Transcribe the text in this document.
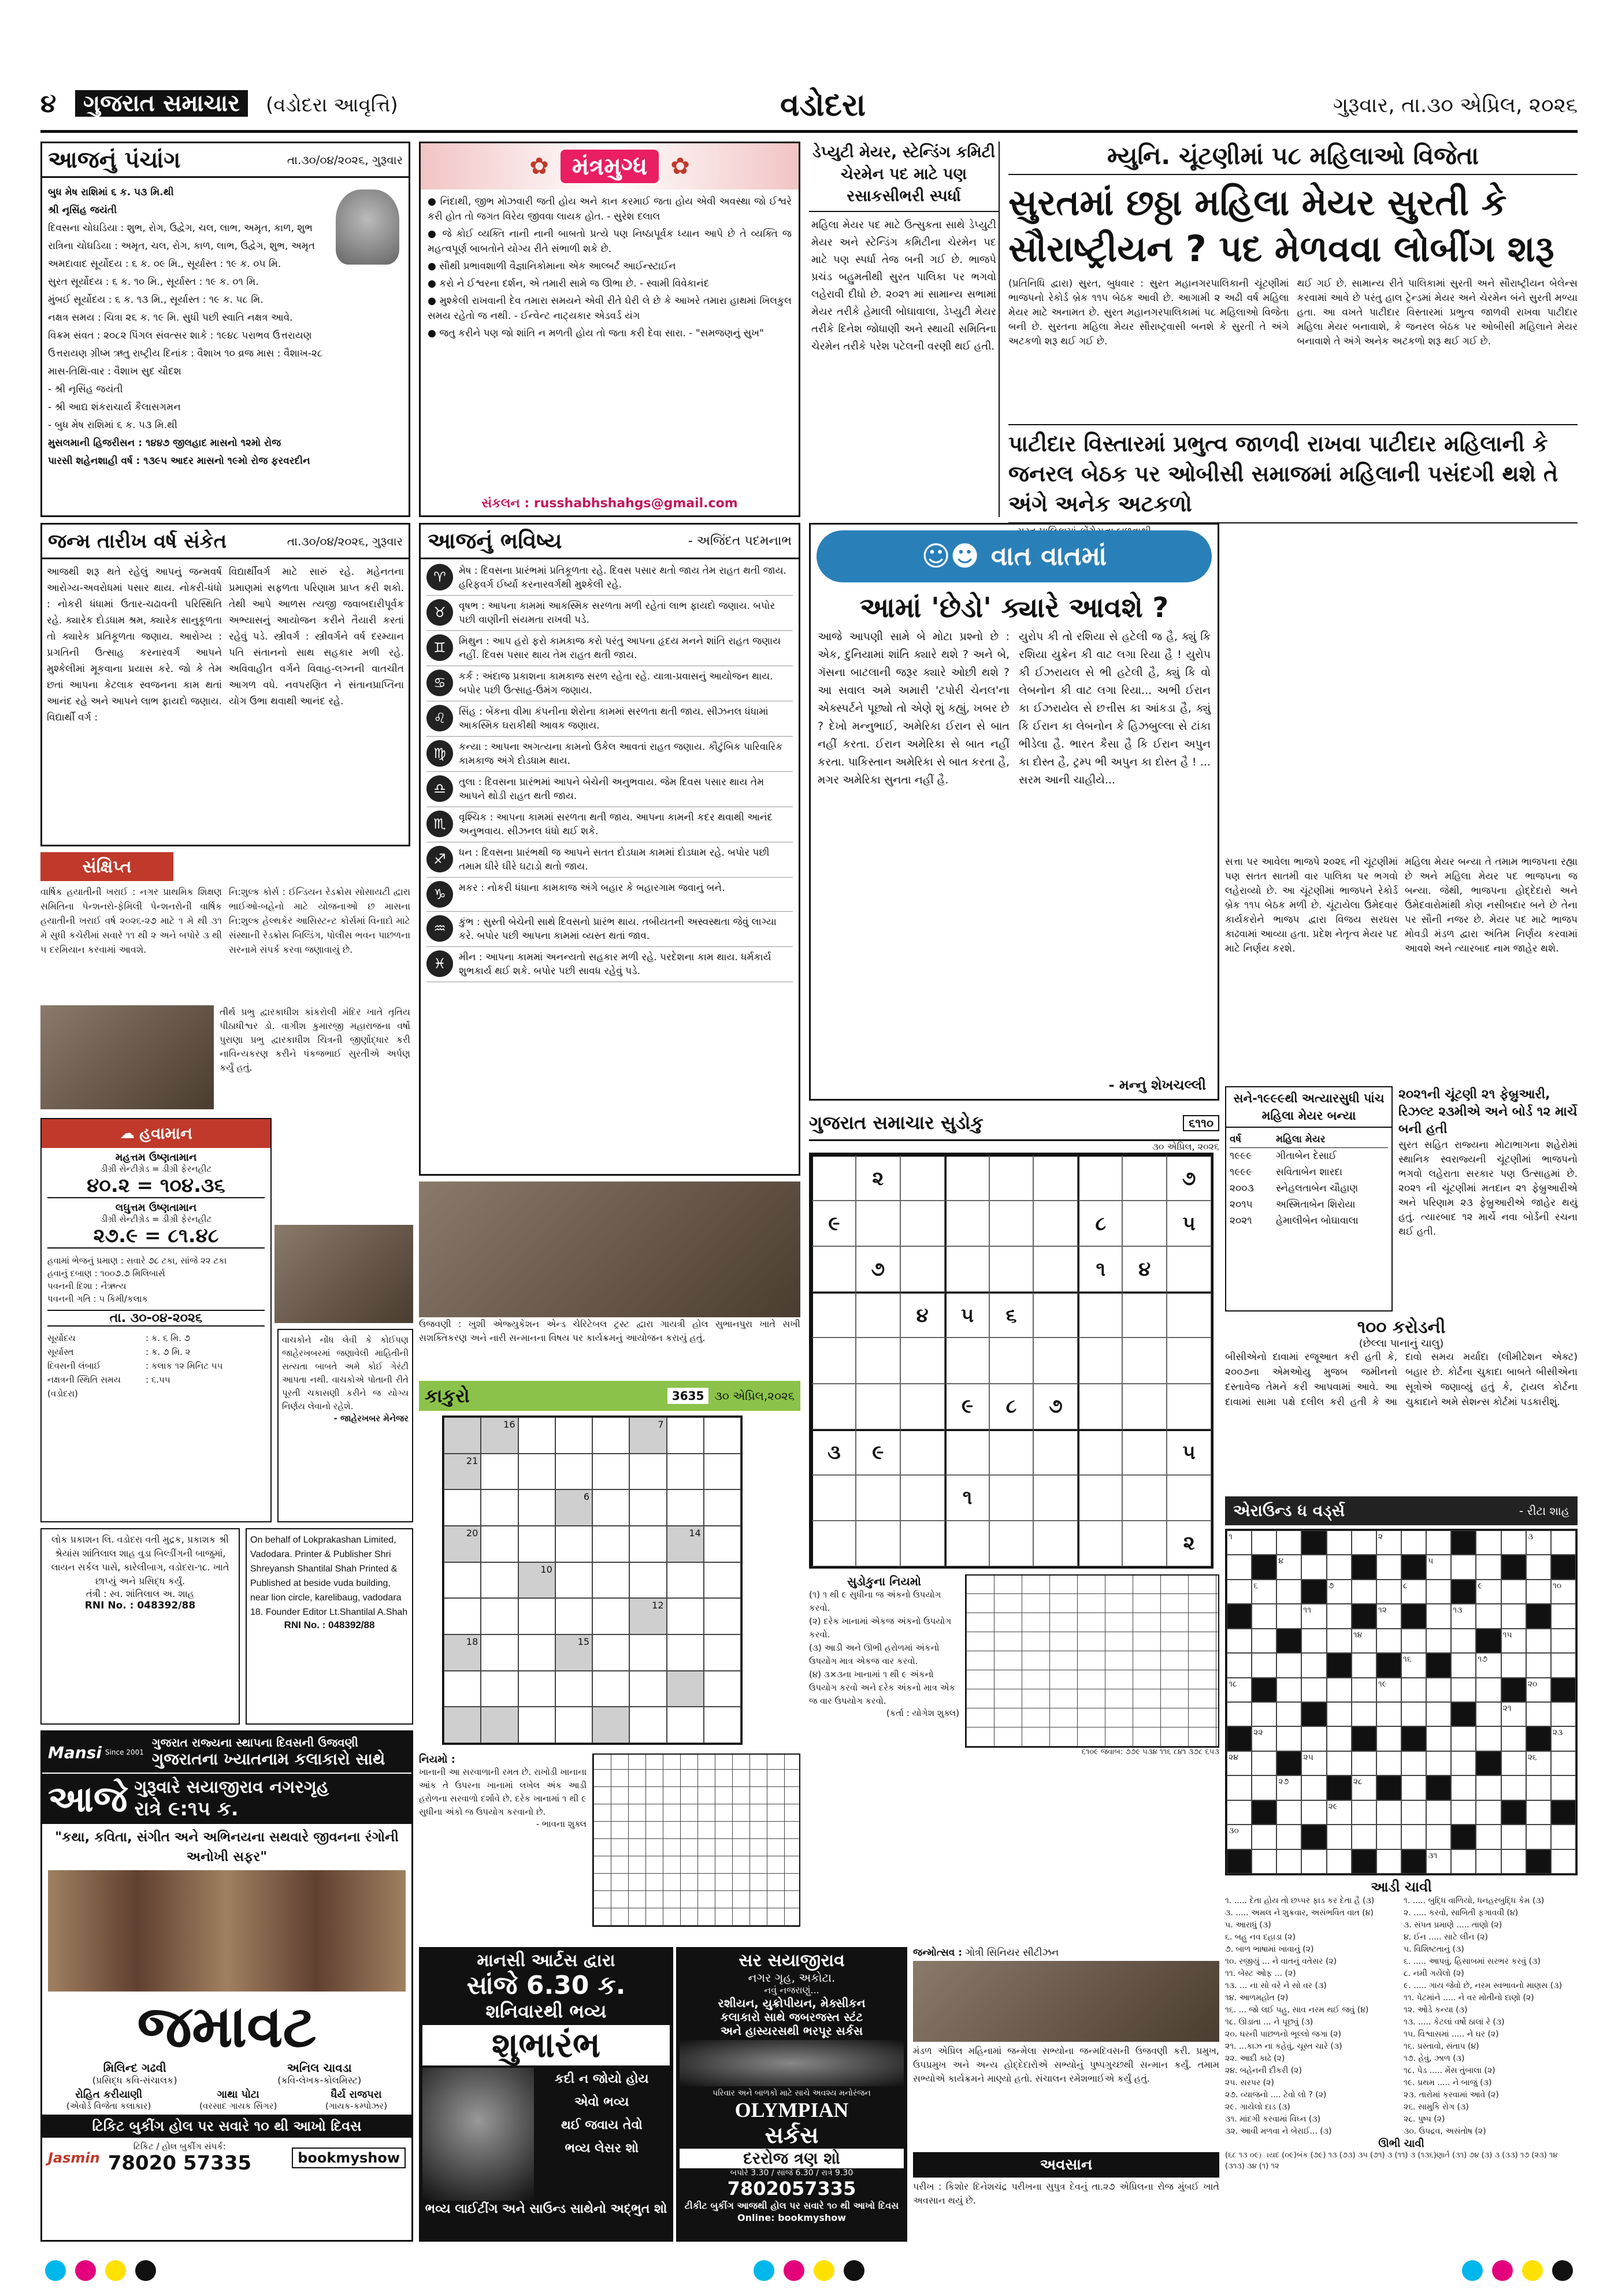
૪	ગુજરાત સમાચાર	(વડોદરા આવૃત્તિ)	વડોદરા	ગુરૂવાર, તા.૩૦ એપ્રિલ, ૨૦૨૬
આજનું પંચાંગ	તા.૩૦/૦૪/૨૦૨૬, ગુરૂવાર
બુધ મેષ રાશિમાં ૬ ક. ૫૩ મિ.થી
શ્રી નૃસિંહ જયંતી
દિવસના ચોઘડિયા : શુભ, રોગ, ઉદ્વેગ, ચલ, લાભ, અમૃત, કાળ, શુભ
રાત્રિના ચોઘડિયા : અમૃત, ચલ, રોગ, કાળ, લાભ, ઉદ્વેગ, શુભ, અમૃત
અમદાવાદ સૂર્યોદય : ૬ ક. ૦૯ મિ., સૂર્યાસ્ત : ૧૯ ક. ૦૫ મિ.
સુરત સૂર્યોદય : ૬ ક. ૧૦ મિ., સૂર્યાસ્ત : ૧૯ ક. ૦૧ મિ.
મુંબઈ સૂર્યોદય : ૬ ક. ૧૩ મિ., સૂર્યાસ્ત : ૧૯ ક. ૫૮ મિ.
નક્ષત્ર સમય : ચિત્રા ૨૬ ક. ૧૯ મિ. સુધી પછી સ્વાતિ નક્ષત્ર આવે.
વિક્રમ સંવત : ૨૦૮૨ પિંગલ સંવત્સર શાકે : ૧૯૪૮ પરાભવ ઉત્તરાયણ
ઉત્તરાયણ ગ્રીષ્મ ઋતુ રાષ્ટ્રીય દિનાંક : વૈશાખ ૧૦ વ્રજ માસ : વૈશાખ-૨૮
માસ-તિથિ-વાર : વૈશાખ સુદ ચૌદશ
- શ્રી નૃસિંહ જયંતી
- શ્રી આદ્ય શંકરાચાર્ય કૈલાસગમન
- બુધ મેષ રાશિમાં ૬ ક. ૫૩ મિ.થી
મુસલમાની હિજરીસન : ૧૪૪૭ જીલહાદ માસનો ૧૨મો રોજ
પારસી શહેનશાહી વર્ષ : ૧૩૯૫ આદર માસનો ૧૯મો રોજ ફરવરદીન
✿ મંત્રમુગ્ધ	✿

● નિંદાથી, જીભ મોઝવારી જતી હોય અને કાન કરમાઈ જતા હોય એવી અવસ્થા જો ઈશ્વરે કરી હોત તો જગત વિરેય જીવવા લાયક હોત. - સુરેશ દલાલ

● જે કોઈ વ્યક્તિ નાની નાની બાબતો પ્રત્યે પણ નિષ્ઠાપૂર્વક ધ્યાન આપે છે તે વ્યક્તિ જ મહત્વપૂર્ણ બાબતોને યોગ્ય રીતે સંભાળી શકે છે.

● સૌથી પ્રભાવશાળી વૈજ્ઞાનિકોમાના એક આલ્બર્ટ આઈન્સ્ટાઈન

● કરો ને ઈશ્વરના દર્શન, એ તમારી સામે જ ઊભા છે. - સ્વામી વિવેકાનંદ

● મુશ્કેલી રાખવાની દેવ તમારા સમયને એવી રીતે ઘેરી લે છે કે આખરે તમારા હાથમાં ખિલકુલ સમય રહેતો જ નથી. - ઈન્વેન્ટ નાટ્યકાર એડવર્ડ યંગ

● જતુ કરીને પણ જો શાંતિ ન મળતી હોય તો જતા કરી દેવા સારા. - "સમજણનું સુખ"

સંકલન : russhabhshahgs@gmail.com
ડેપ્યુટી મેયર, સ્ટેન્ડિંગ કમિટી ચેરમેન પદ માટે પણ રસાકસીભરી સ્પર્ધા
મહિલા મેયર પદ માટે ઉત્સુકતા સાથે ડેપ્યુટી મેયર અને સ્ટેન્ડિંગ કમિટીના ચેરમેન પદ માટે પણ સ્પર્ધા તેજ બની ગઈ છે. ભાજપે પ્રચંડ બહુમતીથી સુરત પાલિકા પર ભગવો લહેરાવી દીધો છે. ૨૦૨૧ માં સામાન્ય સભામાં મેયર તરીકે હેમાલી બોઘાવાલા, ડેપ્યુટી મેયર તરીકે દિનેશ જોધાણી અને સ્થાયી સમિતિના ચેરમેન તરીકે પરેશ પટેલની વરણી થઈ હતી.
મ્યુનિ. ચૂંટણીમાં ૫૮ મહિલાઓ વિજેતા
સુરતમાં છઠ્ઠા મહિલા મેયર સુરતી કે સૌરાષ્ટ્રીયન ? પદ મેળવવા લોબીંગ શરૂ
(પ્રતિનિધિ દ્વારા) સુરત, બુધવાર : સુરત મહાનગરપાલિકાની ચૂંટણીમાં ભાજપનો રેકોર્ડ બ્રેક ૧૧૫ બેઠક આવી છે. આગામી ૨ અઢી વર્ષ મહિલા મેયર માટે અનામત છે. સુરત મહાનગરપાલિકામાં ૫૮ મહિલાઓ વિજેતા બની છે. સુરતના મહિલા મેયર સૌરાષ્ટ્રવાસી બનશે કે સુરતી તે અંગે અટકળો શરૂ થઈ ગઈ છે.
થઈ ગઈ છે. સામાન્ય રીતે પાલિકામાં સુરતી અને સૌરાષ્ટ્રીયન બેલેન્સ કરવામાં આવે છે પરંતુ હાલ ટ્રેન્ડમાં મેયર અને ચેરમેન બંને સુરતી મળ્યા હતા. આ વખતે પાટીદાર વિસ્તારમાં પ્રભુત્વ જાળવી રાખવા પાટીદાર મહિલા મેયર બનાવાશે, કે જનરલ બેઠક પર ઓબીસી મહિલાને મેયર બનાવાશે તે અંગે અનેક અટકળો શરૂ થઈ ગઈ છે.
પાટીદાર વિસ્તારમાં પ્રભુત્વ જાળવી રાખવા પાટીદાર મહિલાની કે જનરલ બેઠક પર ઓબીસી સમાજમાં મહિલાની પસંદગી થશે તે અંગે અનેક અટકળો
☺☻ વાત વાતમાં
આમાં 'છેડો' ક્યારે આવશે ?
આજે આપણી સામે બે મોટા પ્રશ્નો છે : એક, દુનિયામાં શાંતિ ક્યારે થશે ? અને બે, ગૅસના બાટલાની જરૂર ક્યારે ઓછી થશે ? આ સવાલ અમે અમારી 'ટપોરી ચેનલ'ના એક્સ્પર્ટને પૂછ્યો તો એણે શું કહ્યું, ખબર છે ? દેખો મન્નુભાઈ, અમેરિકા ઈરાન સે બાત નહીં કરતા. ઈરાન અમેરિકા સે બાત નહીં કરતા. પાકિસ્તાન અમેરિકા સે બાત કરતા હૈ, મગર અમેરિકા સુનતા નહીં હૈ.
યુરોપ કી તો રશિયા સે હટેલી જ હૈ, ક્યું કિ રશિયા યુક્રેન કી વાટ લગા રિયા હૈ ! યુરોપ કી ઈઝરાયલ સે ભી હટેલી હૈ, ક્યું કિ વો લેબનોન કી વાટ લગા રિયા... અભી ઈરાન કા ઈઝરાયેલ સે છત્તીસ કા આંકડા હૈ, ક્યું કિ ઈરાન કા લેબનોન કે હિઝબુલ્લા સે ટાંકા ભીડેલા હૈ. ભારત કૈસા હૈ કિ ઈરાન અપુન કા દોસ્ત હૈ, ટ્રમ્પ ભી અપુન કા દોસ્ત હૈ ! ... સરમ આની ચાહીયે...
- મન્નુ શેખચલ્લી
સત્તા પર આવેલા ભાજપે ૨૦૨૬ ની ચૂંટણીમાં પણ સતત સાતમી વાર પાલિકા પર ભગવો લહેરાવ્યો છે. આ ચૂંટણીમાં ભાજપને રેકોર્ડ બ્રેક ૧૧૫ બેઠક મળી છે. ચૂંટાયેલા ઉમેદવાર કાર્યકરોને ભાજપ દ્વારા વિજય સરઘસ કાઢવામાં આવ્યા હતા. પ્રદેશ નેતૃત્વ મેયર પદ માટે નિર્ણય કરશે.
મહિલા મેયર બન્યા તે તમામ ભાજપના રહ્યા છે અને મહિલા મેયર પદ ભાજપના જ બન્યા. જેથી, ભાજપના હોદ્દેદારો અને ઉમેદવારોમાંથી કોણ નસીબદાર બને છે તેના પર સૌની નજર છે. મેયર પદ માટે ભાજપ મોવડી મંડળ દ્વારા અંતિમ નિર્ણય કરવામાં આવશે અને ત્યારબાદ નામ જાહેર થશે.
સને-૧૯૯૯થી અત્યારસુધી પાંચ મહિલા મેયર બન્યા
વર્ષ	મહિલા મેયર
૧૯૯૯	ગીતાબેન દેસાઈ
૧૯૯૯	સવિતાબેન શારદા
૨૦૦૩	સ્નેહલતાબેન ચૌહાણ
૨૦૧૫	અસ્મિતાબેન શિરોયા
૨૦૨૧	હેમાલીબેન બોઘાવાલા
૨૦૨૧ની ચૂંટણી ૨૧ ફેબ્રુઆરી, રિઝલ્ટ ૨૩મીએ અને બોર્ડ ૧૨ માર્ચે બની હતી
સુરત સહિત રાજ્યના મોટાભાગના શહેરોમાં સ્થાનિક સ્વરાજ્યની ચૂંટણીમાં ભાજપનો ભગવો લહેરાતા સરકાર પણ ઉત્સાહમાં છે. ૨૦૨૧ ની ચૂંટણીમાં મતદાન ૨૧ ફેબ્રુઆરીએ અને પરિણામ ૨૩ ફેબ્રુઆરીએ જાહેર થયું હતું. ત્યારબાદ ૧૨ માર્ચે નવા બોર્ડની રચના થઈ હતી.
૧૦૦ કરોડની
(છેલ્લા પાનાનું ચાલુ)
બીસીએનો દાવામાં રજૂઆત કરી હતી કે, ૨૦૦૭ના એમઓયુ મુજબ જમીનનો દસ્તાવેજ તેમને કરી આપવામાં આવે. આ દાવામાં સામા પક્ષે દલીલ કરી હતી કે આ દાવો સમય મર્યાદા (લીમીટેશન એક્ટ) બહાર છે. કોર્ટના ચુકાદા બાબતે બીસીએના સૂત્રોએ જણાવ્યું હતું કે, ટ્રાયલ કોર્ટના ચુકાદાને અમે સેશન્સ કોર્ટમાં પડકારીશું.
આજનું ભવિષ્ય	- અજિંદત પદમનાભ
♈	મેષ : દિવસના પ્રારંભમાં પ્રતિકૂળતા રહે. દિવસ પસાર થતો જાય તેમ રાહત થતી જાય. હરિફવર્ગ ઈર્ષ્યા કરનારવર્ગથી મુશ્કેલી રહે.
♉	વૃષભ : આપના કામમાં આકસ્મિક સરળતા મળી રહેતાં લાભ ફાયદો જણાય. બપોર પછી વાણીની સંયમતા રાખવી પડે.
♊	મિથુન : આપ હરો ફરો કામકાજ કરો પરંતુ આપના હૃદય મનને શાંતિ રાહત જણાય નહીં. દિવસ પસાર થાય તેમ રાહત થતી જાય.
♋	કર્ક : અંદાજ પ્રકાશના કામકાજ સરળ રહેતા રહે. યાત્રા-પ્રવાસનું આયોજન થાય. બપોર પછી ઉત્સાહ-ઉમંગ જણાય.
♌	સિંહ : બેંકના વીમા કંપનીના શેરોના કામમાં સરળતા થતી જાય. સીઝનલ ધંધામાં આકસ્મિક ઘરાકીથી આવક જણાય.
♍	કન્યા : આપના અગત્યના કામનો ઉકેલ આવતાં રાહત જણાય. કૌટુંબિક પારિવારિક કામકાજ અંગે દોડધામ થાય.
♎	તુલા : દિવસના પ્રારંભમાં આપને બેચેની અનુભવાય. જેમ દિવસ પસાર થાય તેમ આપને થોડી રાહત થતી જાય.
♏	વૃશ્ચિક : આપના કામમાં સરળતા થતી જાય. આપના કામની કદર થવાથી આનંદ અનુભવાય. સીઝનલ ધંધો થઈ શકે.
♐	ધન : દિવસના પ્રારંભથી જ આપને સતત દોડધામ કામમાં દોડધામ રહે. બપોર પછી તમામ ઘીરે ઘીરે ઘટાડો થતો જાય.
♑	મકર : નોકરી ધંધાના કામકાજ અંગે બહાર કે બહારગામ જવાનું બને.
♒	કુંભ : સુસ્તી બેચેની સાથે દિવસનો પ્રારંભ થાય. તબીયતની અસ્વસ્થતા જેવું લાગ્યા કરે. બપોર પછી આપના કામમાં વ્યસ્ત થતાં જાવ.
♓	મીન : આપના કામમાં અનન્યતો સહકાર મળી રહે. પરદેશના કામ થાય. ધર્મકાર્ય શુભકાર્ય થઈ શકે. બપોર પછી સાવધ રહેવું પડે.
જન્મ તારીખ વર્ષ સંકેત	તા.૩૦/૦૪/૨૦૨૬, ગુરૂવાર
આજથી શરૂ થતે રહેલું આપનું જન્મવર્ષ આરોગ્ય-અવરોધમાં પસાર થાય. નોકરી-ધંધો : નોકરી ધંધામાં ઉતાર-ચઢાવની પરિસ્થિતિ રહે. ક્યારેક દોડધામ શ્રમ, ક્યારેક સાનુકૂળતા તો ક્યારેક પ્રતિકૂળતા જણાય. આરોગ્ય : પ્રગતિની ઉત્સાહ કરનારવર્ગ આપને મુશ્કેલીમાં મૂકવાના પ્રયાસ કરે. જો કે તેમ છતાં આપના કેટલાક સ્વજનના કામ થતાં આનંદ રહે અને આપને લાભ ફાયદો જણાય. વિદ્યાર્થી વર્ગ :
વિદ્યાર્થીવર્ગ માટે સારું રહે. મહેનતના પ્રમાણમાં સફળતા પરિણામ પ્રાપ્ત કરી શકો. તેથી આપે આળસ ત્યજી જવાબદારીપૂર્વક અભ્યાસનું આયોજન કરીને તૈયારી કરતાં રહેવું પડે. સ્ત્રીવર્ગ : સ્ત્રીવર્ગને વર્ષ દરમ્યાન પતિ સંતાનનો સાથ સહકાર મળી રહે. અવિવાહીત વર્ગને વિવાહ-લગ્નની વાતચીત આગળ વધે. નવપરણિત ને સંતાનપ્રાપ્તિના યોગ ઉભા થવાથી આનંદ રહે.
સંક્ષિપ્ત
વાર્ષિક હયાતીની ખરાઈ : નગર પ્રાથમિક શિક્ષણ સમિતિના પેન્શનરો-ફેમિલી પેન્શનરોની વાર્ષિક હયાતીની ખરાઈ વર્ષ ૨૦૨૬-૨૭ માટે ૧ મે થી ૩૧ મે સુધી કચેરીમાં સવારે ૧૧ થી ૨ અને બપોરે ૩ થી ૫ દરમિયાન કરવામાં આવશે.
નિ:શુલ્ક કોર્સ : ઈન્ડિયન રેડક્રોસ સોસાયટી દ્વારા ભાઈઓ-બહેનો માટે યોજનાઓ છ માસના નિ:શુલ્ક હેલ્થકેર આસિસ્ટન્ટ કોર્સમાં વિનાદો માટે સંસ્થાની રેડક્રોસ બિલ્ડિંગ, પોલીસ ભવન પાછળના સરનામે સંપર્ક કરવા જણાવાયું છે.
તીર્થ પ્રભુ દ્વારકાધીશ કાંકરોલી મંદિર ખાતે તૃતિય પીઠાધીશ્વર ડો. વાગીશ કુમારજી મહારાજના વર્ષો પુરાણા પ્રભુ દ્વારકાધીશ ચિત્રની જીર્ણોદ્ધાર કરી નાવિન્યકરણ કરીને પંકજભાઈ સુરતીએ અર્પણ કર્યું હતું.
ઉજવણી : ખુશી એજ્યુકેશન એન્ડ ચેરિટેબલ ટ્રસ્ટ દ્વારા ગાયત્રી હોલ સુભાનપુરા ખાતે સખી સશક્તિકરણ અને નારી સન્માનના વિષય પર કાર્યક્રમનું આયોજન કરાયું હતું.
☁ હવામાન
મહત્તમ ઉષ્ણતામાન
ડીગ્રી સેન્ટીગ્રેડ = ડીગ્રી ફેરનહીટ
૪૦.૨ = ૧૦૪.૩૬
લઘુત્તમ ઉષ્ણતામાન
ડીગ્રી સેન્ટીગ્રેડ = ડીગ્રી ફેરનહીટ
૨૭.૯ = ૮૧.૪૮
હવામાં ભેજનું પ્રમાણ : સવારે ૭૮ ટકા, સાંજે ૨૨ ટકા
હવાનું દબાણ : ૧૦૦૭.૭ મિલિબાર્સ
પવનની દિશા : નૈઋત્ય
પવનની ગતિ : ૫ કિમી/કલાક
તા. ૩૦-૦૪-૨૦૨૬
સૂર્યોદય	: ક. ૬ મિ. ૭
સૂર્યાસ્ત	: ક. ૭ મિ. ૨
દિવસની લંબાઈ	: કલાક ૧૨ મિનિટ ૫૫
નક્ષત્રની સ્થિતિ સમય (વડોદરા)
: ૬.૫૫
વાચકોને નોંધ લેવી કે કોઈપણ જાહેરખબરમાં જણાવેલી માહિતીની સત્યતા બાબતે અમે કોઈ ગેરંટી આપતા નથી. વાચકોએ પોતાની રીતે પૂરતી ચકાસણી કરીને જ યોગ્ય નિર્ણય લેવાનો રહેશે.
- જાહેરખબર મેનેજર
લોક પ્રકાશન લિ. વડોદરા વતી મુદ્રક, પ્રકાશક શ્રી શ્રેયાંસ શાંતિલાલ શાહ વુડા બિલ્ડીંગની બાજુમાં, લાયન સર્કલ પાસે, કારેલીબાગ, વડોદરા-૧૮. ખાતે છાપ્યું અને પ્રસિદ્ધ કર્યું.
તંત્રી : સ્વ. શાંતિલાલ અ. શાહ
RNI No. : 048392/88
On behalf of Lokprakashan Limited, Vadodara. Printer & Publisher Shri Shreyansh Shantilal Shah Printed & Published at beside vuda building, near lion circle, karelibaug, vadodara 18. Founder Editor Lt.Shantilal A.Shah
RNI No. : 048392/88
કાકુરો	3635 ૩૦ એપ્રિલ,૨૦૨૬
16	7
21
6
20	14
10
12
18	15
નિયમો :
ખાનાની આ સરવાળાની રમત છે. રાખોડી ખાનાના આંક તે ઉપરના ખાનામાં લખેલ અંક આડી હરોળના સરવાળો દર્શાવે છે. દરેક ખાનામાં ૧ થી ૯ સુધીના અંકો જ ઉપયોગ કરવાનો છે.
- ભાવના શુક્લ
ગુજરાત સમાચાર સુડોકુ	૬૧૧૦
૩૦ એપ્રિલ, ૨૦૨૬
૨	૭
૯	૮	૫
૭	૧	૪
૪	૫	૬
૯	૮	૭
૩	૯	૫
૧
૨
સુડોકુના નિયમો
(૧) ૧ થી ૯ સુધીના જ અંકનો ઉપયોગ કરવો.
(૨) દરેક ખાનામાં એકજ અંકનો ઉપયોગ કરવો.
(૩) આડી અને ઊભી હરોળમાં અંકનો ઉપયોગ માત્ર એકજ વાર કરવો.
(૪) ૩×૩ના ખાનામાં ૧ થી ૯ અંકનો ઉપયોગ કરવો અને દરેક અંકનો માત્ર એક જ વાર ઉપયોગ કરવો.
(કર્તા : યોગેશ શુક્લ)
૬૧૦૯ જવાબ: ૭૭૯ ૫૩૪ ૧૧૬ ૮૪૧ ૩૭૮ ૬૫૩
એરાઉન્ડ ધ વર્ડ્સ	- રીટા શાહ
૧	૨	૩
૪	૫
૬	૭	૮	૯	૧૦
૧૧	૧૨	૧૩
૧૪	૧૫
૧૬	૧૭
૧૮	૧૯	૨૦
૨૧
૨૨	૨૩
૨૪	૨૫	૨૬
૨૭	૨૮
૨૯
૩૦
૩૧
આડી ચાવી
૧. ..... દેતા હોય તો છપ્પર ફાડ કર દેતા હૈ (૩)
૩. ..... અમલ ને શુક્રવાર, અસંભવિત વાત (૪)
૫. આરાધું (૩)
૬. બહુ નવ દહાડા (૨)
૭. બાળ ભાષામાં ખાવાનું (૨)
૧૦. રજીયું ... ને વાતનું વતેસર (૨)
૧૧. બેસ્ટ ઓફ ... (૨)
૧૩. ... ના સો વરે ને સો વર (૩)
૧૪. આળમહોત (૨)
૧૬. ... જો લઈ પહુ, સાવ નરમ થઈ જવું (૪)
૧૮. ઊડાતા ... ને પૂછવું (૩)
૨૦. ઘરની પાછળનો ભૂલ્લો જગા (૨)
૨૧. ...કાઝ ના કહેવું, ચૂસ્ત ચારે (૩)
૨૨. આદી કાઢે (૨)
૨૪. બહેનની દીકરી (૨)
૨૫. સરપર (૨)
૨૭. વ્યાજનો .... ટેવો લો ? (૨)
૨૯. ગાયેલો દાડ (૩)
૩૧. માંદગી કરવામાં વિઘ્ન (૩)
૩૨. આવી મળવા ને બેરાઈ... (૩)
૧. ..... બુદ્ધિ વાળિયો, ધનહરબુદ્ધિ કેમ (૩)
૨. ..... કરવો, સાબિતી ફગાવવી (૪)
૩. સંપત પ્રમાણે ..... તાણો (૨)
૪. ઈન ..... સાટે લીન (૨)
૫. વિશિષ્ટતાનું (૩)
૬. ..... આપવું, હિસાબમાં સરભર કરવું (૩)
૮. નમી ગયેલો (૨)
૯. ..... ગાય જેવો છે, નરમ સ્વભાવનો માણસ (૩)
૧૧. પેટમાંને ..... ને વર મોતીનો દાણો (૨)
૧૨. ઓડે કન્યા (૩)
૧૩. ..... કેટલાં વર્ષો ઠાલાં રે (૩)
૧૫. વિશ્વાસમાં ..... ને ઘર (૨)
૧૬. પ્રસ્તાવો, સંતાપ (૪)
૧૭. હેવું, ઝાળ (૩)
૧૮. પેડ ..... મેંસ તુંબાલા (૨)
૧૯. પ્રથમ ..... ને બાજું (૩)
૨૩. તારોમાં કરવામાં આવે (૨)
૨૬. સામુકિ રોગ (૩)
૨૮. પુષ્પ (૨)
૩૦. ઉપદ્રવ, અસંતોષ (૨)
ઊભી ચાવી
(૬૮ ૧૩ ૦૯)ાયદ (૦૯)બંક (૭૯) ૧૩ (૭૩) ૩૫ (૭૧) ૩ (૧૧) ૩ (૧૩૬)ણાર્ત (૩૧) ૭૪ (૩) ૩ (૩૩) ૧૭ (૨૩) ૧૪ (૩૧૩) ૩૪ (૧) ૧૨
Mansi Since 2001
ગુજરાત રાજ્યના સ્થાપના દિવસની ઉજવણી
ગુજરાતના ખ્યાતનામ કલાકારો સાથે
આજે ગુરૂવારે સયાજીરાવ નગરગૃહ
રાત્રે ૯:૧૫ ક.
"કથા, કવિતા, સંગીત અને અભિનયના સથવારે જીવનના રંગોની અનોખી સફર"
જમાવટ
મિલિન્દ ગઢવી
(પ્રસિદ્ધ કવિ-સંચાલક)
અનિલ ચાવડા
(કવિ-લેખક-કોલમિસ્ટ)
રોહિત કરીયાણી
(એવોર્ડ વિજેતા કલાકાર)
ગાથા પોટા
(વરસાદ ગાયક સિંગર)
ધૈર્ય રાજપરા
(ગાયક-કમ્પોઝર)
ટિકિટ બુકીંગ હોલ પર સવારે ૧૦ થી આખો દિવસ
Jasmin
ટિકિટ / હોલ બુકીંગ સંપર્ક:
78020 57335	bookmyshow
માનસી આર્ટસ દ્વારા
સાંજે 6.30 ક.
શનિવારથી ભવ્ય
શુભારંભ
કદી ન જોયો હોય
એવો ભવ્ય
થઈ જવાય તેવો
ભવ્ય લેસર શો
ભવ્ય લાઈટીંગ અને સાઉન્ડ સાથેનો અદ્ભુત શો
સર સયાજીરાવ
નગર ગૃહ, અકોટા.
નવું નજરાણું...
રશીયન, યુક્રોપીયન, મેક્સીકન
કલાકારો સાથે જબરજસ્ત સ્ટંટ
અને હાસ્યરસથી ભરપૂર સર્કસ
પરિવાર અને બાળકો માટે સાચે અવશ્ય મનોરંજન
OLYMPIAN
સર્કસ
દરરોજ ત્રણ શો
બપોરે 3.30 / સાંજે 6.30 / રાત્રે 9.30
7802057335
ટીકીટ બુકીંગ આજથી હોલ પર સવારે ૧૦ થી આખો દિવસ
Online: bookmyshow
જન્મોત્સવ : ગોત્રી સિનિયર સીટીઝન
મંડળ એપ્રિલ મહિનામાં જન્મેલા સભ્યોના જન્મદિવસની ઉજવણી કરી. પ્રમુખ, ઉપપ્રમુખ અને અન્ય હોદ્દેદારોએ સભ્યોનું પુષ્પગુચ્છથી સન્માન કર્યું. તમામ સભ્યોએ કાર્યક્રમને માણ્યો હતો. સંચાલન રમેશભાઈએ કર્યું હતું.
અવસાન
પરીખ : કિશોર દિનેશચંદ્ર પરીખના સુપુત્ર દેવનું તા.૨૭ એપ્રિલના રોજ મુંબઈ ખાતે અવસાન થયું છે.
